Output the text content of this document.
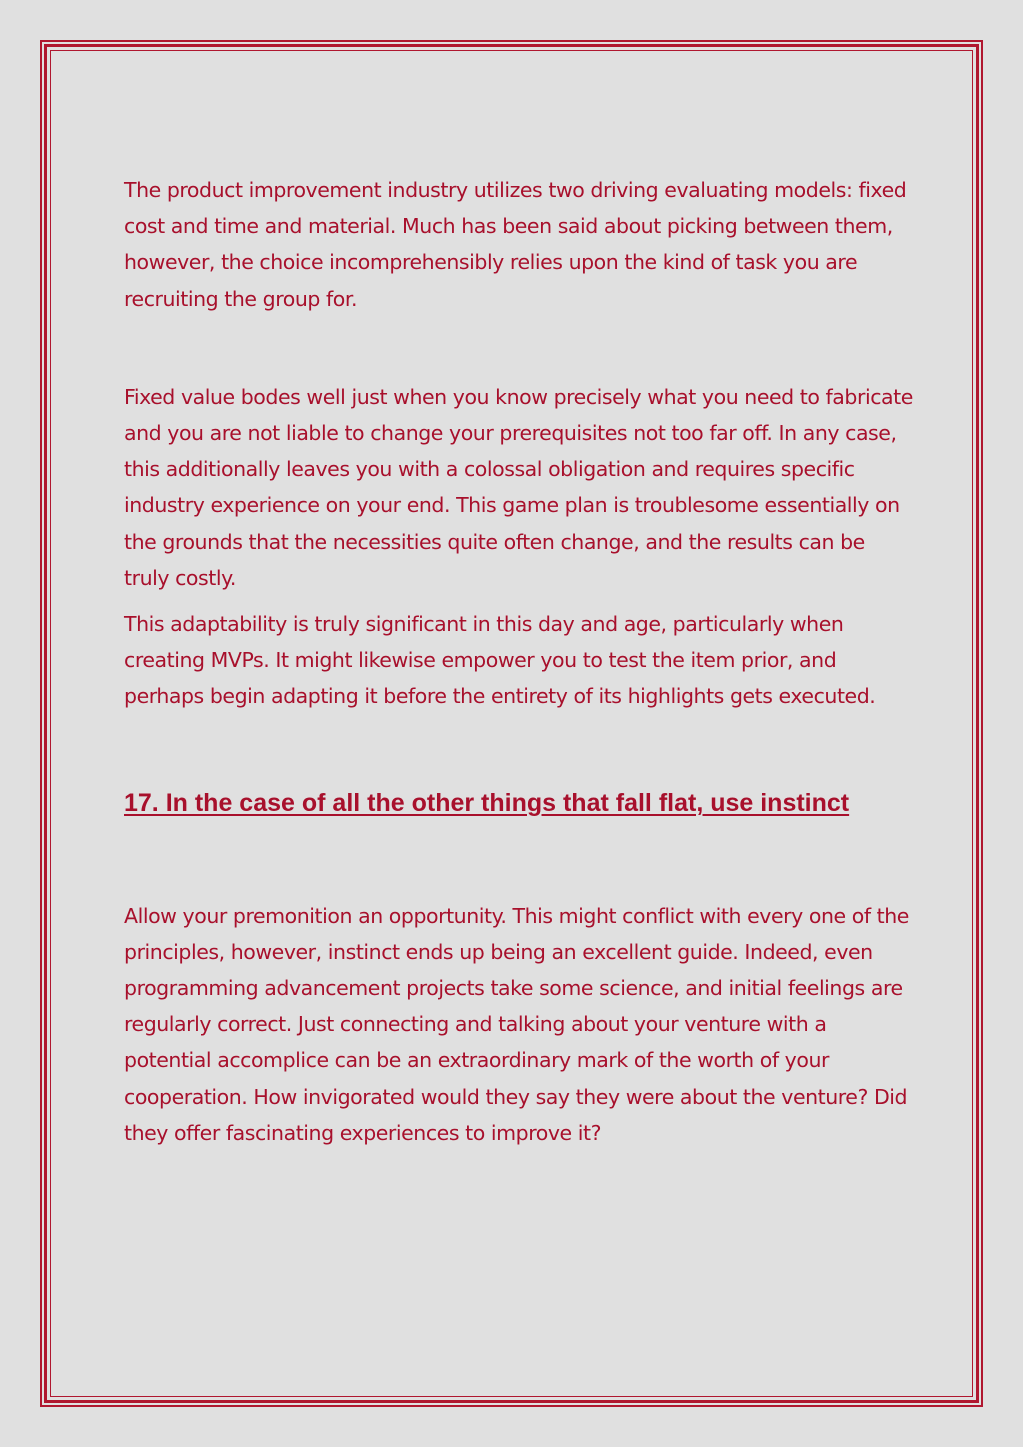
The product improvement industry utilizes two driving evaluating models: fixed cost and time and material. Much has been said about picking between them, however, the choice incomprehensibly relies upon the kind of task you are recruiting the group for.

Fixed value bodes well just when you know precisely what you need to fabricate and you are not liable to change your prerequisites not too far off. In any case, this additionally leaves you with a colossal obligation and requires specific industry experience on your end. This game plan is troublesome essentially on the grounds that the necessities quite often change, and the results can be truly costly.

This adaptability is truly significant in this day and age, particularly when creating MVPs. It might likewise empower you to test the item prior, and perhaps begin adapting it before the entirety of its highlights gets executed.

17. In the case of all the other things that fall flat, use instinct

Allow your premonition an opportunity. This might conflict with every one of the principles, however, instinct ends up being an excellent guide. Indeed, even programming advancement projects take some science, and initial feelings are regularly correct. Just connecting and talking about your venture with a potential accomplice can be an extraordinary mark of the worth of your cooperation. How invigorated would they say they were about the venture? Did they offer fascinating experiences to improve it?
